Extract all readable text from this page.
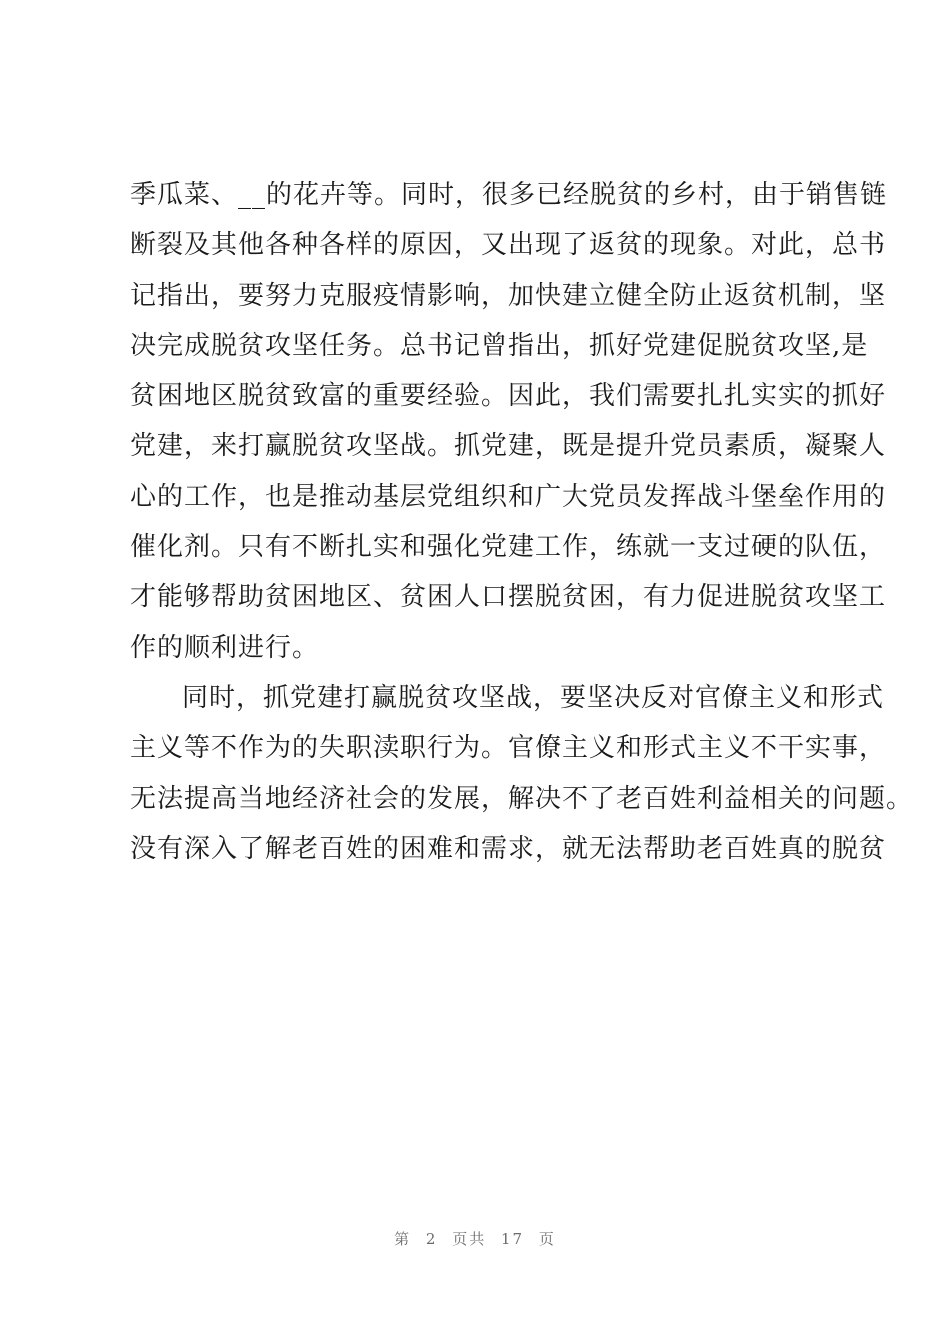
季瓜菜、__的花卉等。同时，很多已经脱贫的乡村，由于销售链
断裂及其他各种各样的原因，又出现了返贫的现象。对此，总书
记指出，要努力克服疫情影响，加快建立健全防止返贫机制，坚
决完成脱贫攻坚任务。总书记曾指出，抓好党建促脱贫攻坚,是
贫困地区脱贫致富的重要经验。因此，我们需要扎扎实实的抓好
党建，来打赢脱贫攻坚战。抓党建，既是提升党员素质，凝聚人
心的工作，也是推动基层党组织和广大党员发挥战斗堡垒作用的
催化剂。只有不断扎实和强化党建工作，练就一支过硬的队伍，
才能够帮助贫困地区、贫困人口摆脱贫困，有力促进脱贫攻坚工
作的顺利进行。
同时，抓党建打赢脱贫攻坚战，要坚决反对官僚主义和形式
主义等不作为的失职渎职行为。官僚主义和形式主义不干实事，
无法提高当地经济社会的发展，解决不了老百姓利益相关的问题。
没有深入了解老百姓的困难和需求，就无法帮助老百姓真的脱贫
第 2 页共 17 页
